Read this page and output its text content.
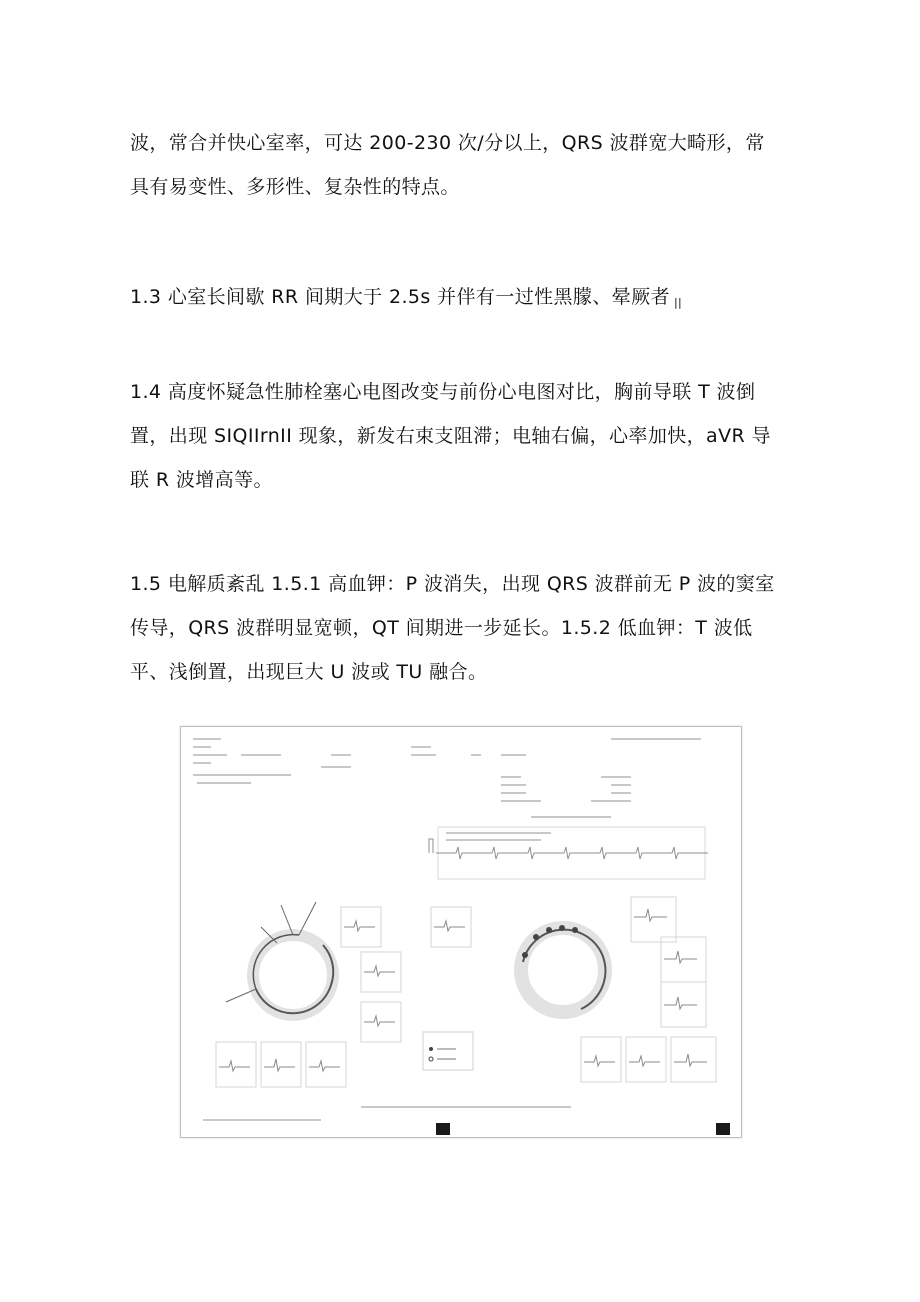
波，常合并快心室率，可达 200-230 次/分以上，QRS 波群宽大畸形，常
具有易变性、多形性、复杂性的特点。

1.3 心室长间歇 RR 间期大于 2.5s 并伴有一过性黑朦、晕厥者 $_{||}$

1.4 高度怀疑急性肺栓塞心电图改变与前份心电图对比，胸前导联 T 波倒
置，出现 SIQIIrnII 现象，新发右束支阻滞；电轴右偏，心率加快，aVR 导
联 R 波增高等。

1.5 电解质紊乱 1.5.1 高血钾：P 波消失，出现 QRS 波群前无 P 波的窦室
传导，QRS 波群明显宽顿，QT 间期进一步延长。1.5.2 低血钾：T 波低
平、浅倒置，出现巨大 U 波或 TU 融合。
